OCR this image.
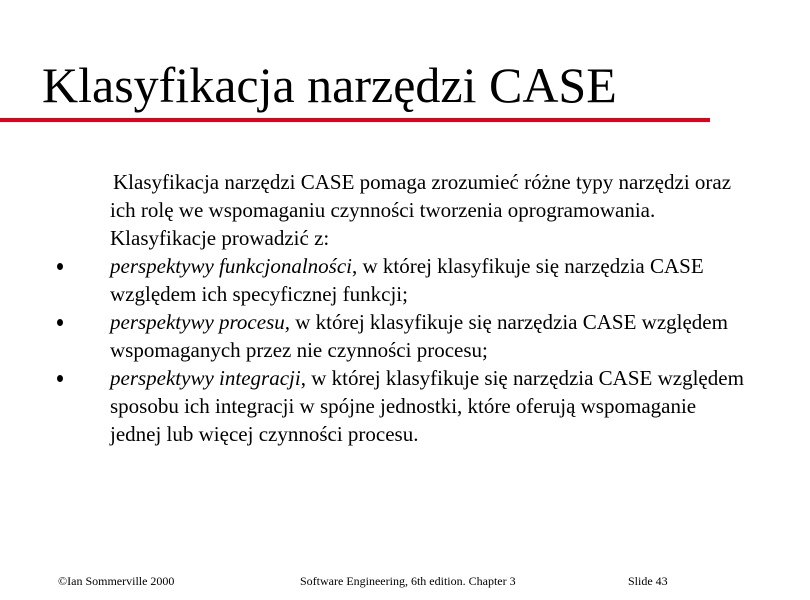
Klasyfikacja narzędzi CASE

Klasyfikacja narzędzi CASE pomaga zrozumieć różne typy narzędzi oraz ich rolę we wspomaganiu czynności tworzenia oprogramowania. Klasyfikacje prowadzić z:

perspektywy funkcjonalności, w której klasyfikuje się narzędzia CASE względem ich specyficznej funkcji;
perspektywy procesu, w której klasyfikuje się narzędzia CASE względem wspomaganych przez nie czynności procesu;
perspektywy integracji, w której klasyfikuje się narzędzia CASE względem sposobu ich integracji w spójne jednostki, które oferują wspomaganie jednej lub więcej czynności procesu.
©Ian Sommerville 2000	Software Engineering, 6th edition. Chapter 3	Slide 43
